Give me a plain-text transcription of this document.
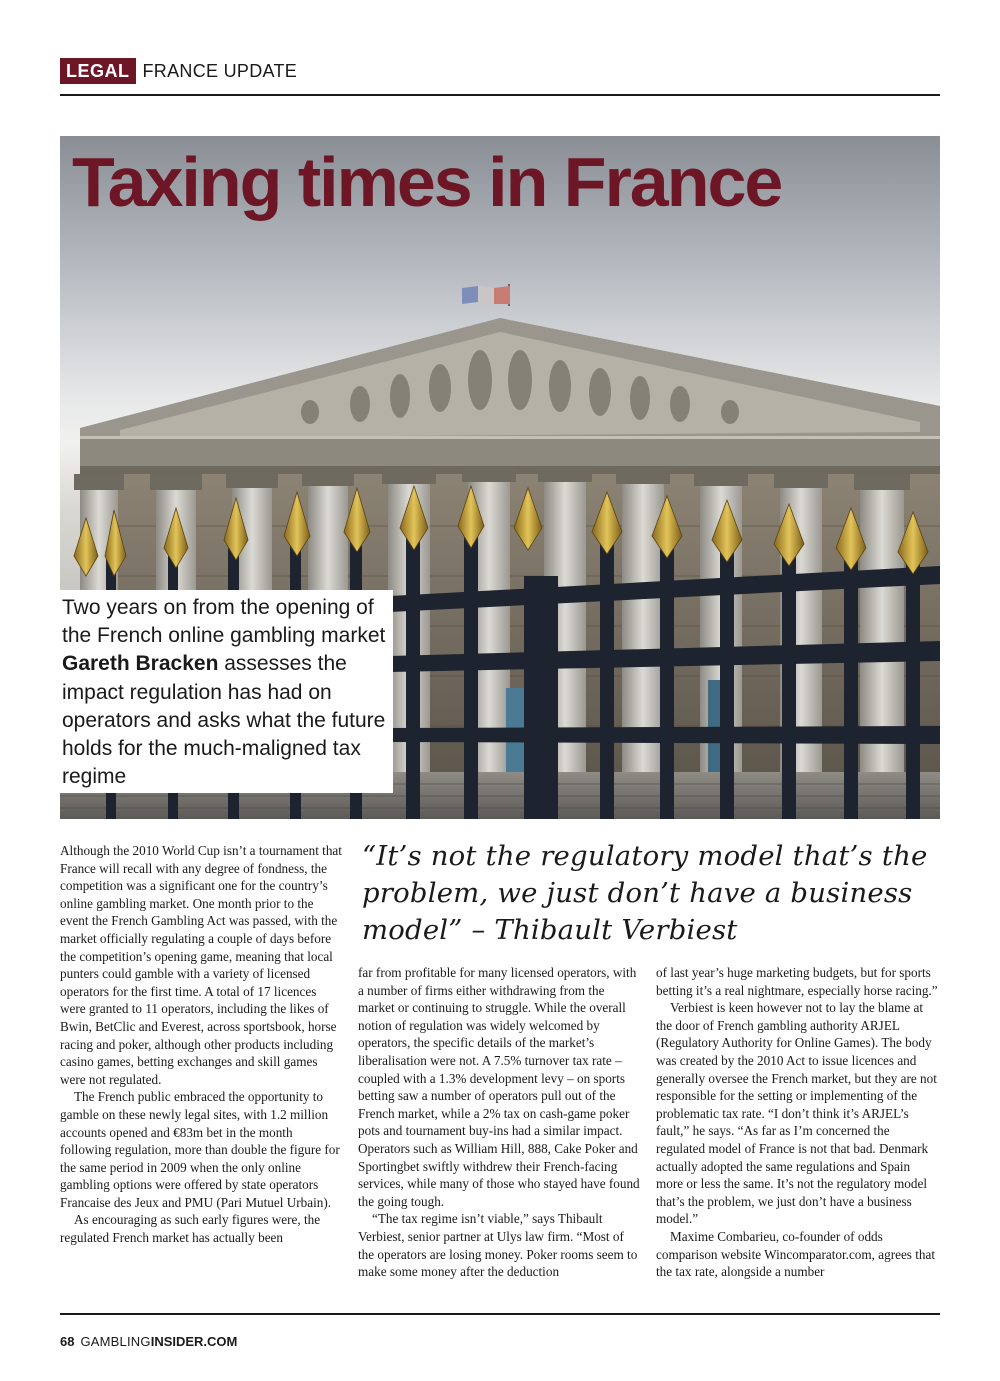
LEGAL FRANCE UPDATE
Taxing times in France

Two years on from the opening of the French online gambling market Gareth Bracken assesses the impact regulation has had on operators and asks what the future holds for the much-maligned tax regime

Although the 2010 World Cup isn’t a tournament that France will recall with any degree of fondness, the competition was a significant one for the country’s online gambling market. One month prior to the event the French Gambling Act was passed, with the market officially regulating a couple of days before the competition’s opening game, meaning that local punters could gamble with a variety of licensed operators for the first time. A total of 17 licences were granted to 11 operators, including the likes of Bwin, BetClic and Everest, across sportsbook, horse racing and poker, although other products including casino games, betting exchanges and skill games were not regulated.

The French public embraced the opportunity to gamble on these newly legal sites, with 1.2 million accounts opened and €83m bet in the month following regulation, more than double the figure for the same period in 2009 when the only online gambling options were offered by state operators Francaise des Jeux and PMU (Pari Mutuel Urbain).

As encouraging as such early figures were, the regulated French market has actually been

“It’s not the regulatory model that’s the problem, we just don’t have a business model” – Thibault Verbiest

far from profitable for many licensed operators, with a number of firms either withdrawing from the market or continuing to struggle. While the overall notion of regulation was widely welcomed by operators, the specific details of the market’s liberalisation were not. A 7.5% turnover tax rate – coupled with a 1.3% development levy – on sports betting saw a number of operators pull out of the French market, while a 2% tax on cash-game poker pots and tournament buy-ins had a similar impact. Operators such as William Hill, 888, Cake Poker and Sportingbet swiftly withdrew their French-facing services, while many of those who stayed have found the going tough.

“The tax regime isn’t viable,” says Thibault Verbiest, senior partner at Ulys law firm. “Most of the operators are losing money. Poker rooms seem to make some money after the deduction

of last year’s huge marketing budgets, but for sports betting it’s a real nightmare, especially horse racing.”

Verbiest is keen however not to lay the blame at the door of French gambling authority ARJEL (Regulatory Authority for Online Games). The body was created by the 2010 Act to issue licences and generally oversee the French market, but they are not responsible for the setting or implementing of the problematic tax rate. “I don’t think it’s ARJEL’s fault,” he says. “As far as I’m concerned the regulated model of France is not that bad. Denmark actually adopted the same regulations and Spain more or less the same. It’s not the regulatory model that’s the problem, we just don’t have a business model.”

Maxime Combarieu, co-founder of odds comparison website Wincomparator.com, agrees that the tax rate, alongside a number

68 GAMBLING INSIDER.COM
